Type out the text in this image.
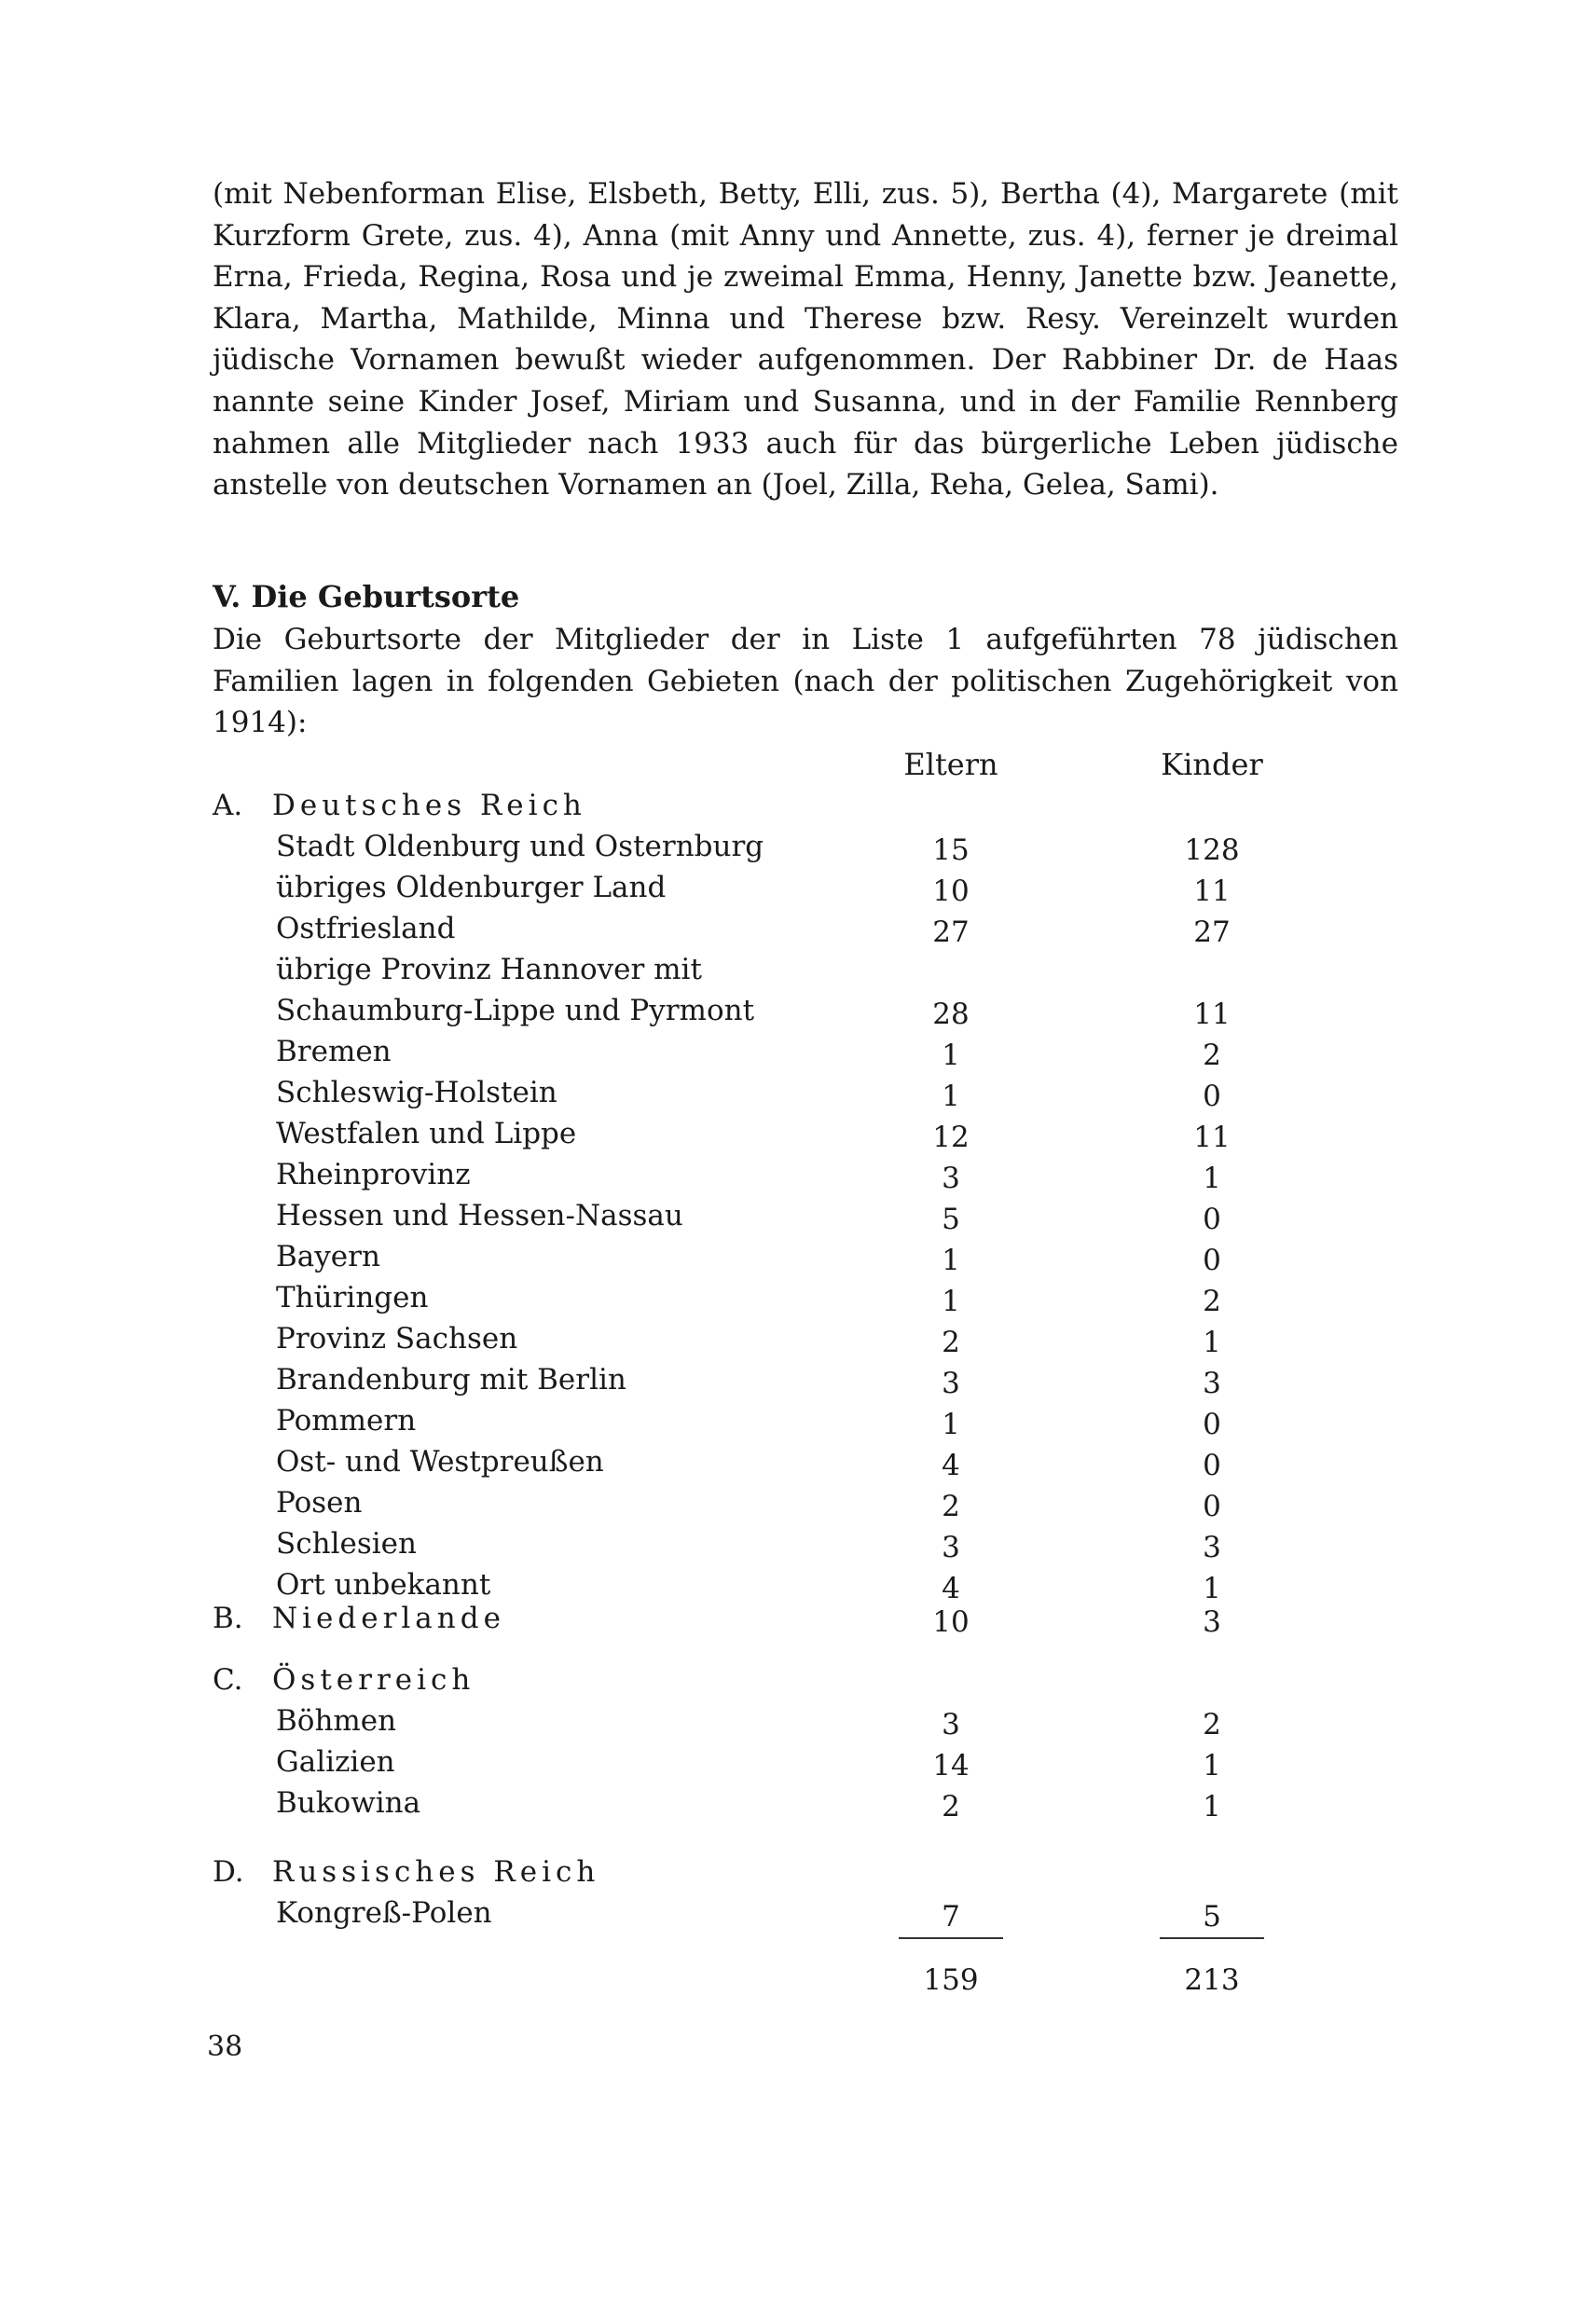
(mit Nebenforman Elise, Elsbeth, Betty, Elli, zus. 5), Bertha (4), Margarete (mit Kurzform Grete, zus. 4), Anna (mit Anny und Annette, zus. 4), ferner je dreimal Erna, Frieda, Regina, Rosa und je zweimal Emma, Henny, Janette bzw. Jeanette, Klara, Martha, Mathilde, Minna und Therese bzw. Resy. Vereinzelt wurden jüdische Vornamen bewußt wieder aufgenommen. Der Rabbiner Dr. de Haas nannte seine Kinder Josef, Miriam und Susanna, und in der Familie Rennberg nahmen alle Mitglieder nach 1933 auch für das bürgerliche Leben jüdische anstelle von deutschen Vornamen an (Joel, Zilla, Reha, Gelea, Sami).

V. Die Geburtsorte

Die Geburtsorte der Mitglieder der in Liste 1 aufgeführten 78 jüdischen Familien lagen in folgenden Gebieten (nach der politischen Zugehörigkeit von 1914):

Eltern	Kinder
A. Deutsches Reich
Stadt Oldenburg und Osternburg	15	128
übriges Oldenburger Land	10	11
Ostfriesland	27	27
übrige Provinz Hannover mit
Schaumburg-Lippe und Pyrmont	28	11
Bremen	1	2
Schleswig-Holstein	1	0
Westfalen und Lippe	12	11
Rheinprovinz	3	1
Hessen und Hessen-Nassau	5	0
Bayern	1	0
Thüringen	1	2
Provinz Sachsen	2	1
Brandenburg mit Berlin	3	3
Pommern	1	0
Ost- und Westpreußen	4	0
Posen	2	0
Schlesien	3	3
Ort unbekannt	4	1
B. Niederlande	10	3
C. Österreich
Böhmen	3	2
Galizien	14	1
Bukowina	2	1
D. Russisches Reich
Kongreß-Polen	7	5
159	213
38
